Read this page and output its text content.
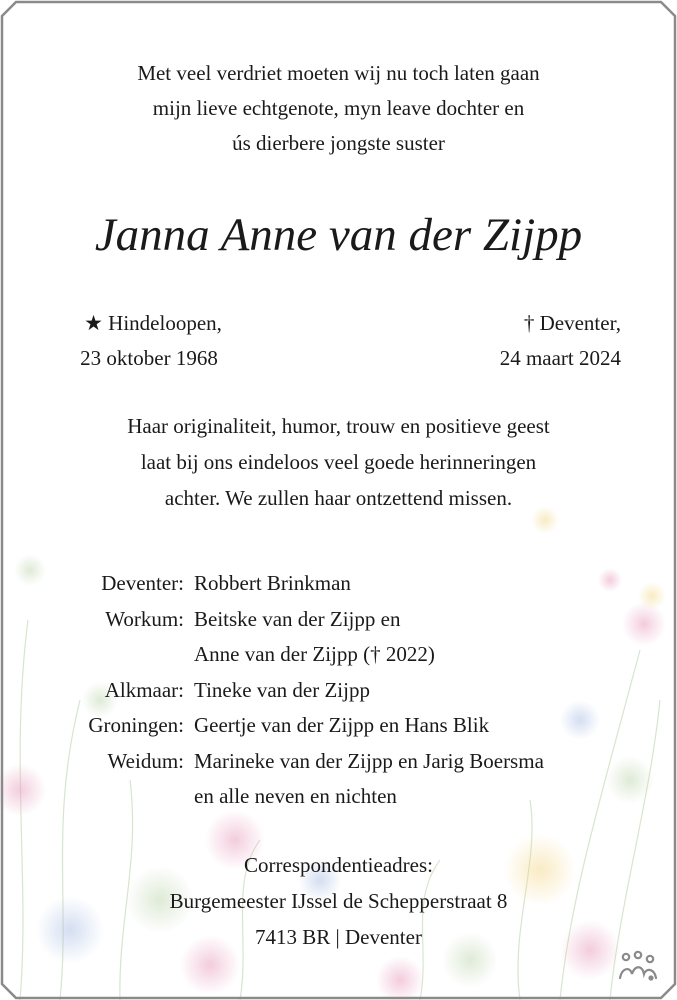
Met veel verdriet moeten wij nu toch laten gaan
mijn lieve echtgenote, myn leave dochter en
ús dierbere jongste suster
Janna Anne van der Zijpp
★ Hindeloopen,
23 oktober 1968
† Deventer,
24 maart 2024
Haar originaliteit, humor, trouw en positieve geest
laat bij ons eindeloos veel goede herinneringen
achter. We zullen haar ontzettend missen.
Deventer: Robbert Brinkman
Workum: Beitske van der Zijpp en
Anne van der Zijpp († 2022)
Alkmaar: Tineke van der Zijpp
Groningen: Geertje van der Zijpp en Hans Blik
Weidum: Marineke van der Zijpp en Jarig Boersma
en alle neven en nichten
Correspondentieadres:
Burgemeester IJssel de Schepperstraat 8
7413 BR | Deventer
